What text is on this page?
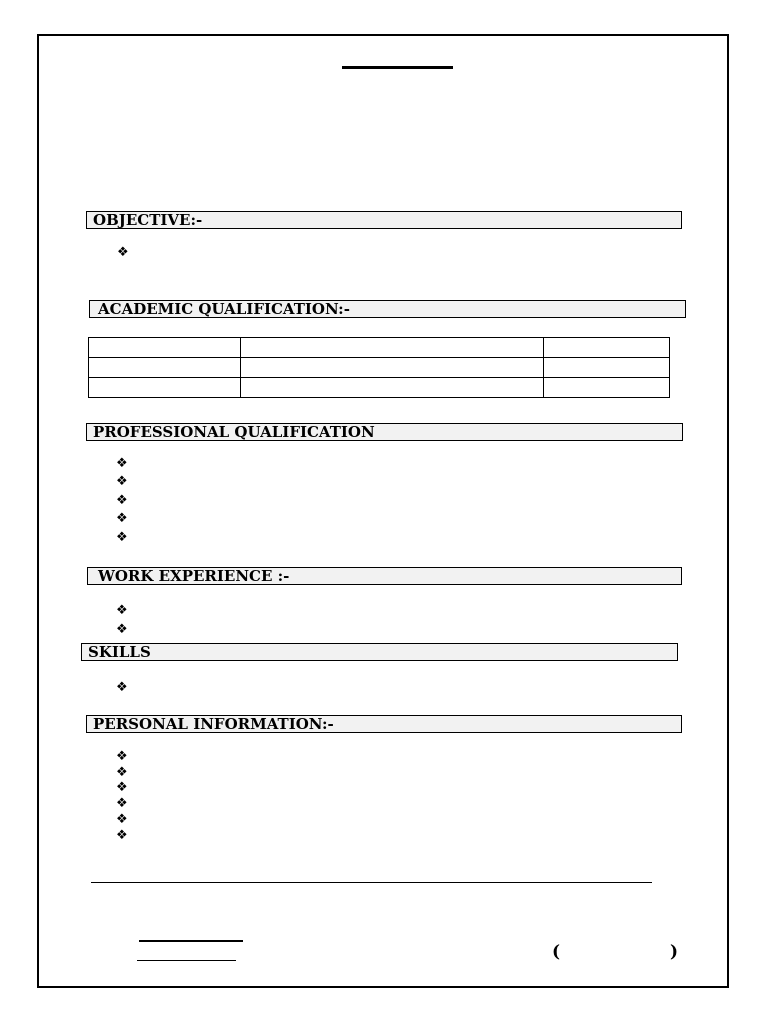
OBJECTIVE:-
❖
ACADEMIC QUALIFICATION:-

PROFESSIONAL QUALIFICATION
❖
❖
❖
❖
❖
WORK EXPERIENCE :-
❖
❖
SKILLS
❖
PERSONAL INFORMATION:-
❖
❖
❖
❖
❖
❖
(	)
